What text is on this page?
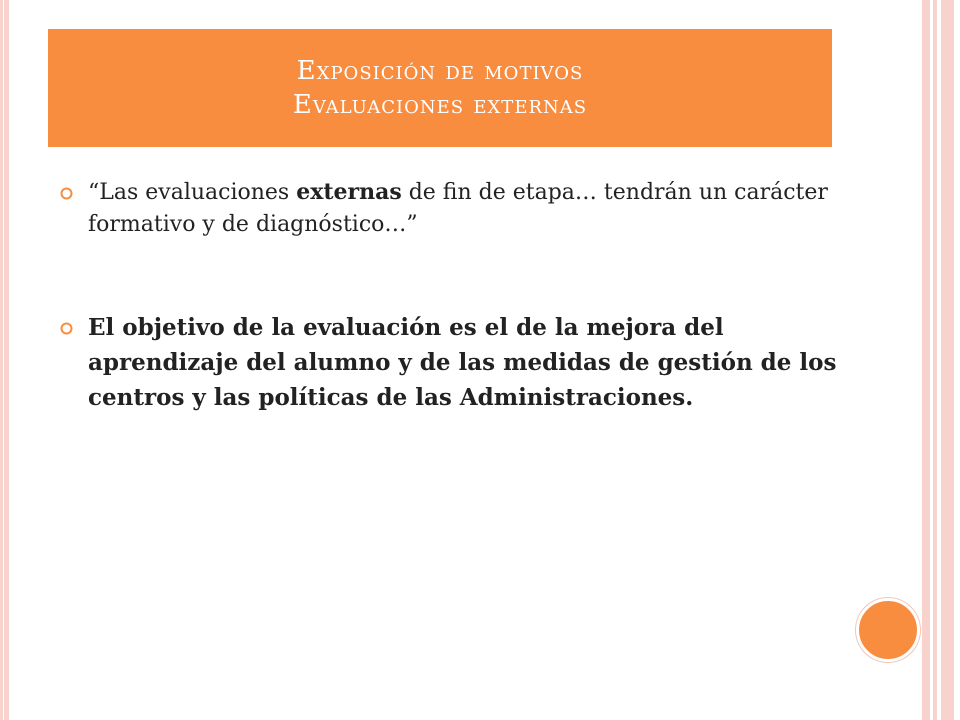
Exposición de motivos
Evaluaciones externas
“Las evaluaciones externas de fin de etapa… tendrán un carácter formativo y de diagnóstico…”
El objetivo de la evaluación es el de la mejora del aprendizaje del alumno y de las medidas de gestión de los centros y las políticas de las Administraciones.
